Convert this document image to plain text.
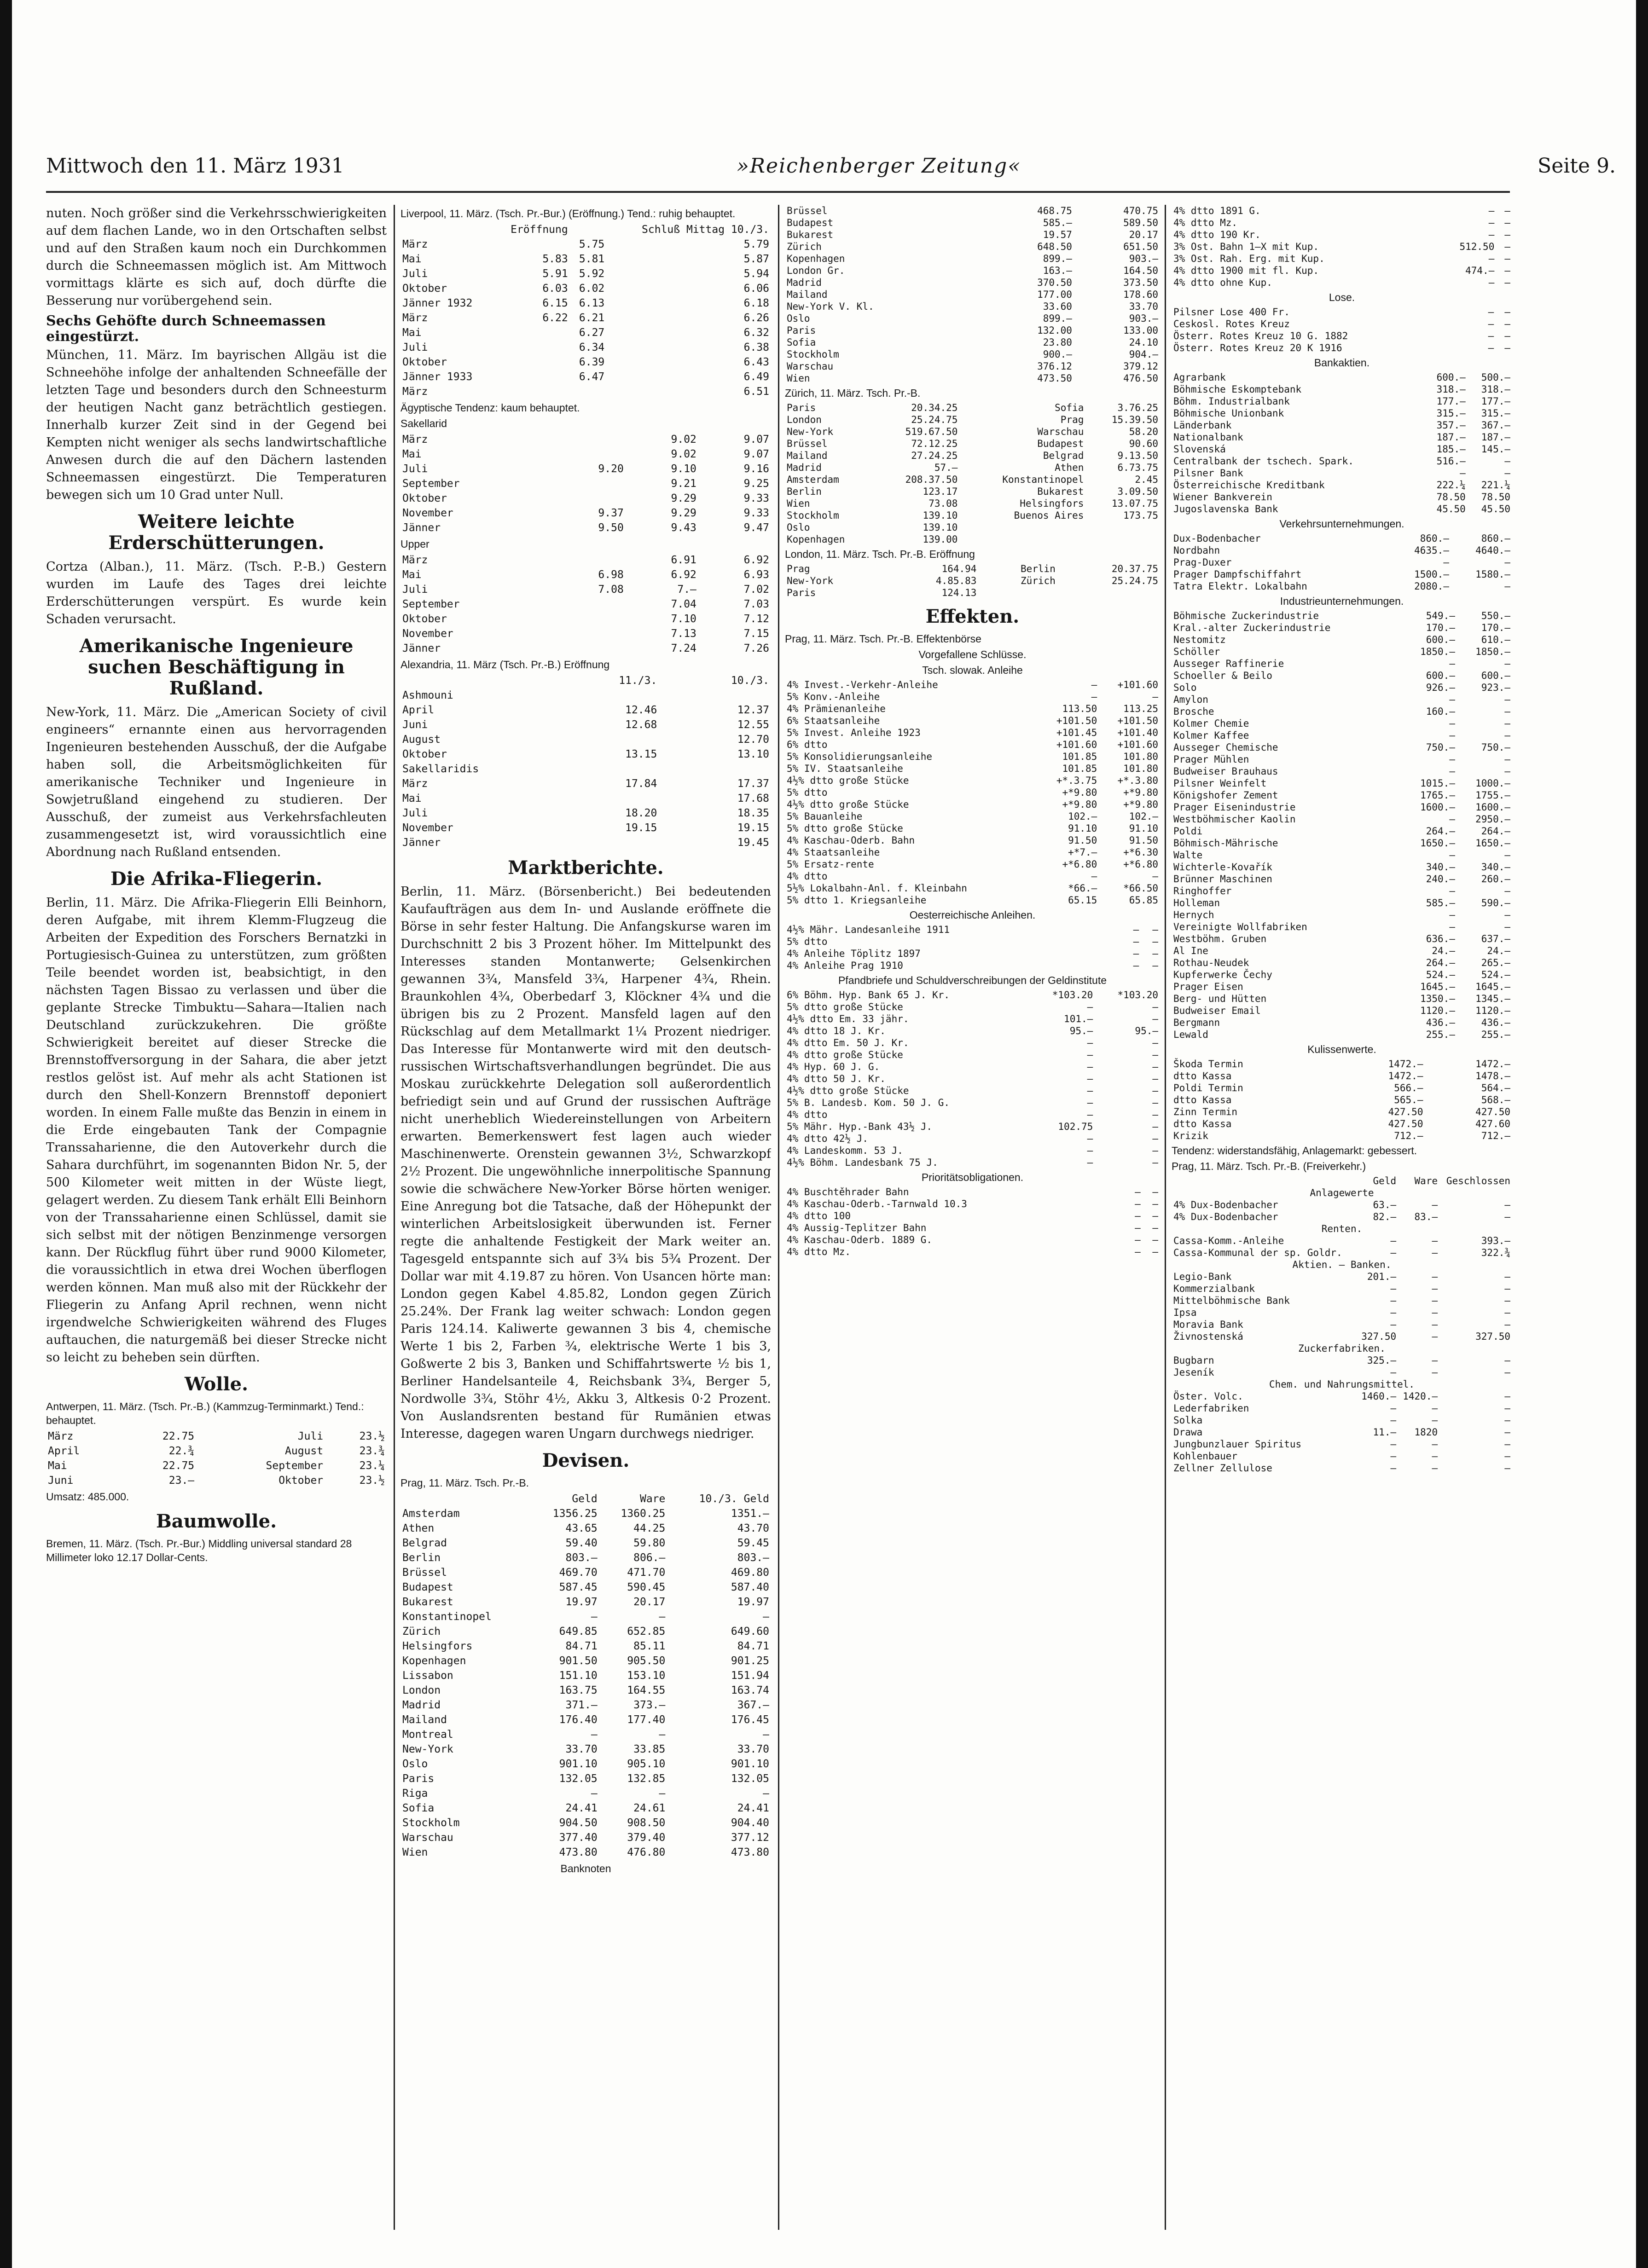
Mittwoch den 11. März 1931	»Reichenberger Zeitung«	Seite 9.

nuten. Noch größer sind die Verkehrsschwierigkeiten auf dem flachen Lande, wo in den Ortschaften selbst und auf den Straßen kaum noch ein Durchkommen durch die Schneemassen möglich ist. Am Mittwoch vormittags klärte es sich auf, doch dürfte die Besserung nur vorübergehend sein.

Sechs Gehöfte durch Schneemassen eingestürzt.

München, 11. März. Im bayrischen Allgäu ist die Schneehöhe infolge der anhaltenden Schneefälle der letzten Tage und besonders durch den Schneesturm der heutigen Nacht ganz beträchtlich gestiegen. Innerhalb kurzer Zeit sind in der Gegend bei Kempten nicht weniger als sechs landwirtschaftliche Anwesen durch die auf den Dächern lastenden Schneemassen eingestürzt. Die Temperaturen bewegen sich um 10 Grad unter Null.

Weitere leichte Erderschütterungen.

Cortza (Alban.), 11. März. (Tsch. P.-B.) Gestern wurden im Laufe des Tages drei leichte Erderschütterungen verspürt. Es wurde kein Schaden verursacht.

Amerikanische Ingenieure suchen Beschäftigung in Rußland.

New-York, 11. März. Die „American Society of civil engineers“ ernannte einen aus hervorragenden Ingenieuren bestehenden Ausschuß, der die Aufgabe haben soll, die Arbeitsmöglichkeiten für amerikanische Techniker und Ingenieure in Sowjetrußland eingehend zu studieren. Der Ausschuß, der zumeist aus Verkehrsfachleuten zusammengesetzt ist, wird voraussichtlich eine Abordnung nach Rußland entsenden.

Die Afrika-Fliegerin.

Berlin, 11. März. Die Afrika-Fliegerin Elli Beinhorn, deren Aufgabe, mit ihrem Klemm-Flugzeug die Arbeiten der Expedition des Forschers Bernatzki in Portugiesisch-Guinea zu unterstützen, zum größten Teile beendet worden ist, beabsichtigt, in den nächsten Tagen Bissao zu verlassen und über die geplante Strecke Timbuktu—Sahara—Italien nach Deutschland zurückzukehren. Die größte Schwierigkeit bereitet auf dieser Strecke die Brennstoffversorgung in der Sahara, die aber jetzt restlos gelöst ist. Auf mehr als acht Stationen ist durch den Shell-Konzern Brennstoff deponiert worden. In einem Falle mußte das Benzin in einem in die Erde eingebauten Tank der Compagnie Transsaharienne, die den Autoverkehr durch die Sahara durchführt, im sogenannten Bidon Nr. 5, der 500 Kilometer weit mitten in der Wüste liegt, gelagert werden. Zu diesem Tank erhält Elli Beinhorn von der Transsaharienne einen Schlüssel, damit sie sich selbst mit der nötigen Benzinmenge versorgen kann. Der Rückflug führt über rund 9000 Kilometer, die voraussichtlich in etwa drei Wochen überflogen werden können. Man muß also mit der Rückkehr der Fliegerin zu Anfang April rechnen, wenn nicht irgendwelche Schwierigkeiten während des Fluges auftauchen, die naturgemäß bei dieser Strecke nicht so leicht zu beheben sein dürften.

Wolle.
Antwerpen, 11. März. (Tsch. Pr.-B.) (Kammzug-Terminmarkt.) Tend.: behauptet.
März	22.75	Juli	23.½
April	22.¾	August	23.¾
Mai	22.75	September	23.¼
Juni	23.—	Oktober	23.½
Umsatz: 485.000.
Baumwolle.
Bremen, 11. März. (Tsch. Pr.-Bur.) Middling universal standard 28 Millimeter loko 12.17 Dollar-Cents.
Liverpool, 11. März. (Tsch. Pr.-Bur.) (Eröffnung.) Tend.: ruhig behauptet.
	Eröffnung		Schluß Mittag 10./3.
März		5.75	5.79
Mai	5.83	5.81	5.87
Juli	5.91	5.92	5.94
Oktober	6.03	6.02	6.06
Jänner 1932	6.15	6.13	6.18
März	6.22	6.21	6.26
Mai		6.27	6.32
Juli		6.34	6.38
Oktober		6.39	6.43
Jänner 1933		6.47	6.49
März			6.51
Ägyptische Tendenz: kaum behauptet.
Sakellarid
März		9.02	9.07
Mai		9.02	9.07
Juli	9.20	9.10	9.16
September		9.21	9.25
Oktober		9.29	9.33
November	9.37	9.29	9.33
Jänner	9.50	9.43	9.47
Upper
März		6.91	6.92
Mai	6.98	6.92	6.93
Juli	7.08	7.—	7.02
September		7.04	7.03
Oktober		7.10	7.12
November		7.13	7.15
Jänner		7.24	7.26
Alexandria, 11. März (Tsch. Pr.-B.) Eröffnung
	11./3.	10./3.
Ashmouni		
April	12.46	12.37
Juni	12.68	12.55
August		12.70
Oktober	13.15	13.10
Sakellaridis		
März	17.84	17.37
Mai		17.68
Juli	18.20	18.35
November	19.15	19.15
Jänner		19.45
Marktberichte.

Berlin, 11. März. (Börsenbericht.) Bei bedeutenden Kaufaufträgen aus dem In- und Auslande eröffnete die Börse in sehr fester Haltung. Die Anfangskurse waren im Durchschnitt 2 bis 3 Prozent höher. Im Mittelpunkt des Interesses standen Montanwerte; Gelsenkirchen gewannen 3¾, Mansfeld 3¾, Harpener 4¾, Rhein. Braunkohlen 4¾, Oberbedarf 3, Klöckner 4¾ und die übrigen bis zu 2 Prozent. Mansfeld lagen auf den Rückschlag auf dem Metallmarkt 1¼ Prozent niedriger. Das Interesse für Montanwerte wird mit den deutsch-russischen Wirtschaftsverhandlungen begründet. Die aus Moskau zurückkehrte Delegation soll außerordentlich befriedigt sein und auf Grund der russischen Aufträge nicht unerheblich Wiedereinstellungen von Arbeitern erwarten. Bemerkenswert fest lagen auch wieder Maschinenwerte. Orenstein gewannen 3½, Schwarzkopf 2½ Prozent. Die ungewöhnliche innerpolitische Spannung sowie die schwächere New-Yorker Börse hörten weniger. Eine Anregung bot die Tatsache, daß der Höhepunkt der winterlichen Arbeitslosigkeit überwunden ist. Ferner regte die anhaltende Festigkeit der Mark weiter an. Tagesgeld entspannte sich auf 3¾ bis 5¾ Prozent. Der Dollar war mit 4.19.87 zu hören. Von Usancen hörte man: London gegen Kabel 4.85.82, London gegen Zürich 25.24%. Der Frank lag weiter schwach: London gegen Paris 124.14. Kaliwerte gewannen 3 bis 4, chemische Werte 1 bis 2, Farben ¾, elektrische Werte 1 bis 3, Goßwerte 2 bis 3, Banken und Schiffahrtswerte ½ bis 1, Berliner Handelsanteile 4, Reichsbank 3¾, Berger 5, Nordwolle 3¾, Stöhr 4½, Akku 3, Altkesis 0·2 Prozent. Von Auslandsrenten bestand für Rumänien etwas Interesse, dagegen waren Ungarn durchwegs niedriger.

Devisen.
Prag, 11. März. Tsch. Pr.-B.
	Geld	Ware	10./3. Geld
Amsterdam	1356.25	1360.25	1351.—
Athen	43.65	44.25	43.70
Belgrad	59.40	59.80	59.45
Berlin	803.—	806.—	803.—
Brüssel	469.70	471.70	469.80
Budapest	587.45	590.45	587.40
Bukarest	19.97	20.17	19.97
Konstantinopel	—	—	—
Zürich	649.85	652.85	649.60
Helsingfors	84.71	85.11	84.71
Kopenhagen	901.50	905.50	901.25
Lissabon	151.10	153.10	151.94
London	163.75	164.55	163.74
Madrid	371.—	373.—	367.—
Mailand	176.40	177.40	176.45
Montreal	—	—	—
New-York	33.70	33.85	33.70
Oslo	901.10	905.10	901.10
Paris	132.05	132.85	132.05
Riga	—	—	—
Sofia	24.41	24.61	24.41
Stockholm	904.50	908.50	904.40
Warschau	377.40	379.40	377.12
Wien	473.80	476.80	473.80
Banknoten
Brüssel	468.75	470.75
Budapest	585.—	589.50
Bukarest	19.57	20.17
Zürich	648.50	651.50
Kopenhagen	899.—	903.—
London Gr.	163.—	164.50
Madrid	370.50	373.50
Mailand	177.00	178.60
New-York V. Kl.	33.60	33.70
Oslo	899.—	903.—
Paris	132.00	133.00
Sofia	23.80	24.10
Stockholm	900.—	904.—
Warschau	376.12	379.12
Wien	473.50	476.50
Zürich, 11. März. Tsch. Pr.-B.
Paris	20.34.25	Sofia	3.76.25
London	25.24.75	Prag	15.39.50
New-York	519.67.50	Warschau	58.20
Brüssel	72.12.25	Budapest	90.60
Mailand	27.24.25	Belgrad	9.13.50
Madrid	57.—	Athen	6.73.75
Amsterdam	208.37.50	Konstantinopel	2.45
Berlin	123.17	Bukarest	3.09.50
Wien	73.08	Helsingfors	13.07.75
Stockholm	139.10	Buenos Aires	173.75
Oslo	139.10		
Kopenhagen	139.00		
London, 11. März. Tsch. Pr.-B. Eröffnung
Prag	164.94	Berlin	20.37.75
New-York	4.85.83	Zürich	25.24.75
Paris	124.13		
Effekten.
Prag, 11. März. Tsch. Pr.-B. Effektenbörse
Vorgefallene Schlüsse.
Tsch. slowak. Anleihe
4% Invest.-Verkehr-Anleihe	—	+101.60
5% Konv.-Anleihe	—	—
4% Prämienanleihe	113.50	113.25
6% Staatsanleihe	+101.50	+101.50
5% Invest. Anleihe 1923	+101.45	+101.40
6% dtto	+101.60	+101.60
5% Konsolidierungsanleihe	101.85	101.80
5% IV. Staatsanleihe	101.85	101.80
4½% dtto große Stücke	+*.3.75	+*.3.80
5% dtto	+*9.80	+*9.80
4½% dtto große Stücke	+*9.80	+*9.80
5% Bauanleihe	102.—	102.—
5% dtto große Stücke	91.10	91.10
4% Kaschau-Oderb. Bahn	91.50	91.50
4% Staatsanleihe	+*7.—	+*6.30
5% Ersatz-rente	+*6.80	+*6.80
4% dtto	—	—
5½% Lokalbahn-Anl. f. Kleinbahn	*66.—	*66.50
5% dtto 1. Kriegsanleihe	65.15	65.85
Oesterreichische Anleihen.
4½% Mähr. Landesanleihe 1911	—	—
5% dtto	—	—
4% Anleihe Töplitz 1897	—	—
4% Anleihe Prag 1910	—	—
Pfandbriefe und Schuldverschreibungen der Geldinstitute
6% Böhm. Hyp. Bank 65 J. Kr.	*103.20	*103.20
5% dtto große Stücke	—	—
4½% dtto Em. 33 jähr.	101.—	—
4% dtto 18 J. Kr.	95.—	95.—
4% dtto Em. 50 J. Kr.	—	—
4% dtto große Stücke	—	—
4% Hyp. 60 J. G.	—	—
4% dtto 50 J. Kr.	—	—
4½% dtto große Stücke	—	—
5% B. Landesb. Kom. 50 J. G.	—	—
4% dtto	—	—
5% Mähr. Hyp.-Bank 43½ J.	102.75	—
4% dtto 42½ J.	—	—
4% Landeskomm. 53 J.	—	—
4½% Böhm. Landesbank 75 J.	—	—
Prioritätsobligationen.
4% Buschtěhrader Bahn	—	—
4% Kaschau-Oderb.-Tarnwald 10.3	—	—
4% dtto 100	—	—
4% Aussig-Teplitzer Bahn	—	—
4% Kaschau-Oderb. 1889 G.	—	—
4% dtto Mz.	—	—
4% dtto 1891 G.	—	—
4% dtto Mz.	—	—
4% dtto 190 Kr.	—	—
3% Ost. Bahn 1—X mit Kup.	512.50	—
3% Ost. Rah. Erg. mit Kup.	—	—
4% dtto 1900 mit fl. Kup.	474.—	—
4% dtto ohne Kup.	—	—
Lose.
Pilsner Lose 400 Fr.	—	—
Ceskosl. Rotes Kreuz	—	—
Österr. Rotes Kreuz 10 G. 1882	—	—
Österr. Rotes Kreuz 20 K 1916	—	—
Bankaktien.
Agrarbank	600.—	500.—
Böhmische Eskomptebank	318.—	318.—
Böhm. Industrialbank	177.—	177.—
Böhmische Unionbank	315.—	315.—
Länderbank	357.—	367.—
Nationalbank	187.—	187.—
Slovenská	185.—	145.—
Centralbank der tschech. Spark.	516.—	—
Pilsner Bank	—	—
Österreichische Kreditbank	222.¼	221.¼
Wiener Bankverein	78.50	78.50
Jugoslavenska Bank	45.50	45.50
Verkehrsunternehmungen.
Dux-Bodenbacher	860.—	860.—
Nordbahn	4635.—	4640.—
Prag-Duxer	—	—
Prager Dampfschiffahrt	1500.—	1580.—
Tatra Elektr. Lokalbahn	2080.—	—
Industrieunternehmungen.
Böhmische Zuckerindustrie	549.—	550.—
Kral.-alter Zuckerindustrie	170.—	170.—
Nestomitz	600.—	610.—
Schöller	1850.—	1850.—
Ausseger Raffinerie	—	—
Schoeller & Beilo	600.—	600.—
Solo	926.—	923.—
Amylon	—	—
Brosche	160.—	—
Kolmer Chemie	—	—
Kolmer Kaffee	—	—
Ausseger Chemische	750.—	750.—
Prager Mühlen	—	—
Budweiser Brauhaus	—	—
Pilsner Weinfelt	1015.—	1000.—
Königshofer Zement	1765.—	1755.—
Prager Eisenindustrie	1600.—	1600.—
Westböhmischer Kaolin	—	2950.—
Poldi	264.—	264.—
Böhmisch-Mährische	1650.—	1650.—
Walte	—	—
Wichterle-Kovařík	340.—	340.—
Brünner Maschinen	240.—	260.—
Ringhoffer	—	—
Holleman	585.—	590.—
Hernych	—	—
Vereinigte Wollfabriken	—	—
Westböhm. Gruben	636.—	637.—
Al Ine	24.—	24.—
Rothau-Neudek	264.—	265.—
Kupferwerke Čechy	524.—	524.—
Prager Eisen	1645.—	1645.—
Berg- und Hütten	1350.—	1345.—
Budweiser Email	1120.—	1120.—
Bergmann	436.—	436.—
Lewald	255.—	255.—
Kulissenwerte.
Škoda Termin	1472.—	1472.—
dtto Kassa	1472.—	1478.—
Poldi Termin	566.—	564.—
dtto Kassa	565.—	568.—
Zinn Termin	427.50	427.50
dtto Kassa	427.50	427.60
Krizik	712.—	712.—
Tendenz: widerstandsfähig, Anlagemarkt: gebessert.
Prag, 11. März. Tsch. Pr.-B. (Freiverkehr.)
	Geld	Ware	Geschlossen
Anlagewerte			
4% Dux-Bodenbacher	63.—	—	—
4% Dux-Bodenbacher	82.—	83.—	—
Renten.			
Cassa-Komm.-Anleihe	—	—	393.—
Cassa-Kommunal der sp. Goldr.	—	—	322.¾
Aktien. – Banken.			
Legio-Bank	201.—	—	—
Kommerzialbank	—	—	—
Mittelböhmische Bank	—	—	—
Ipsa	—	—	—
Moravia Bank	—	—	—
Živnostenská	327.50	—	327.50
Zuckerfabriken.			
Bugbarn	325.—	—	—
Jeseník	—	—	—
Chem. und Nahrungsmittel.			
Öster. Volc.	1460.—	1420.—	—
Lederfabriken	—	—	—
Solka	—	—	—
Drawa	11.—	1820	—
Jungbunzlauer Spiritus	—	—	—
Kohlenbauer	—	—	—
Zellner Zellulose	—	—	—
